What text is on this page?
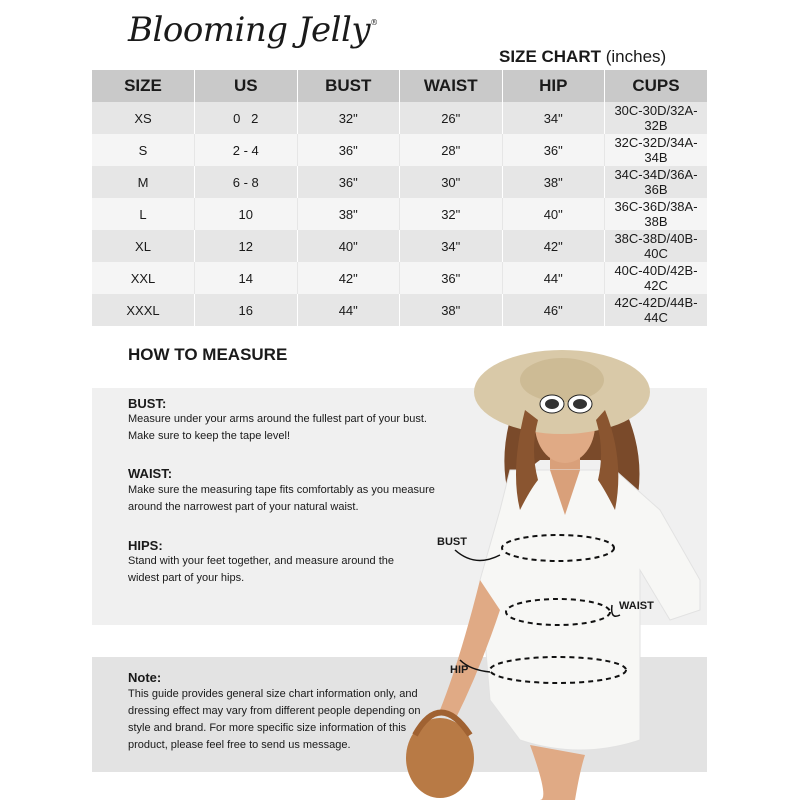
Blooming Jelly®
SIZE CHART (inches)
SIZE	US	BUST	WAIST	HIP	CUPS
XS	0   2	32"	26"	34"	30C-30D/32A-32B
S	2 - 4	36"	28"	36"	32C-32D/34A-34B
M	6 - 8	36"	30"	38"	34C-34D/36A-36B
L	10	38"	32"	40"	36C-36D/38A-38B
XL	12	40"	34"	42"	38C-38D/40B-40C
XXL	14	42"	36"	44"	40C-40D/42B-42C
XXXL	16	44"	38"	46"	42C-42D/44B-44C
HOW TO MEASURE
BUST:
Measure under your arms around the fullest part of your bust.
Make sure to keep the tape level!
WAIST:
Make sure the measuring tape fits comfortably as you measure
around the narrowest part of your natural waist.
HIPS:
Stand with your feet together, and measure around the
widest part of your hips.
Note:
This guide provides general size chart information only, and
dressing effect may vary from different people depending on
style and brand. For more specific size information of this
product, please feel free to send us message.
BUST
WAIST
HIP
